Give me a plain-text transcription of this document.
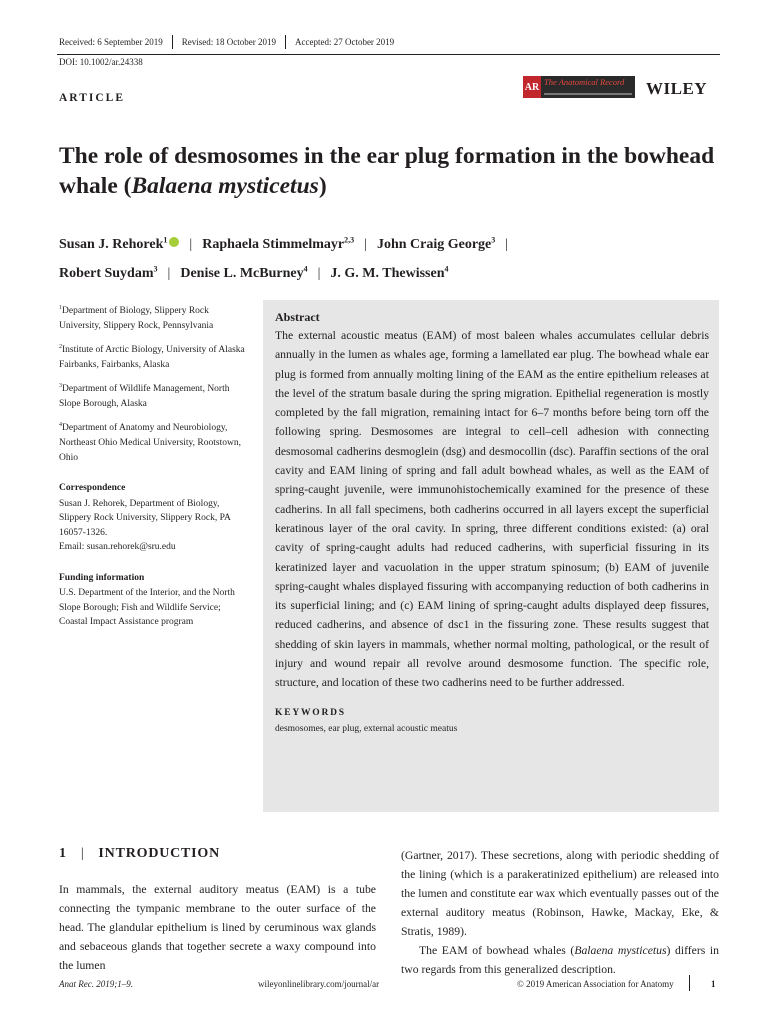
Received: 6 September 2019 Revised: 18 October 2019 Accepted: 27 October 2019
DOI: 10.1002/ar.24338
ARTICLE
AR The Anatomical Record	WILEY
The role of desmosomes in the ear plug formation in the bowhead whale (Balaena mysticetus)
Susan J. Rehorek$^1$ | Raphaela Stimmelmayr$^{2,3}$ | John Craig George$^3$ |
Robert Suydam$^3$ | Denise L. McBurney$^4$ | J. G. M. Thewissen$^4$

$^1$Department of Biology, Slippery Rock University, Slippery Rock, Pennsylvania

$^2$Institute of Arctic Biology, University of Alaska Fairbanks, Fairbanks, Alaska

$^3$Department of Wildlife Management, North Slope Borough, Alaska

$^4$Department of Anatomy and Neurobiology, Northeast Ohio Medical University, Rootstown, Ohio

Correspondence
Susan J. Rehorek, Department of Biology, Slippery Rock University, Slippery Rock, PA 16057-1326.
Email: susan.rehorek@sru.edu
Funding information
U.S. Department of the Interior, and the North Slope Borough; Fish and Wildlife Service; Coastal Impact Assistance program
Abstract
The external acoustic meatus (EAM) of most baleen whales accumulates cellular debris annually in the lumen as whales age, forming a lamellated ear plug. The bowhead whale ear plug is formed from annually molting lining of the EAM as the entire epithelium releases at the level of the stratum basale during the spring migration. Epithelial regeneration is mostly completed by the fall migration, remaining intact for 6–7 months before being torn off the following spring. Desmosomes are integral to cell–cell adhesion with connecting desmosomal cadherins desmoglein (dsg) and desmocollin (dsc). Paraffin sections of the oral cavity and EAM lining of spring and fall adult bowhead whales, as well as the EAM of spring-caught juvenile, were immunohistochemically examined for the presence of these cadherins. In all fall specimens, both cadherins occurred in all layers except the superficial keratinous layer of the oral cavity. In spring, three different conditions existed: (a) oral cavity of spring-caught adults had reduced cadherins, with superficial fissuring in its keratinized layer and vacuolation in the upper stratum spinosum; (b) EAM of juvenile spring-caught whales displayed fissuring with accompanying reduction of both cadherins in its superficial lining; and (c) EAM lining of spring-caught adults displayed deep fissures, reduced cadherins, and absence of dsc1 in the fissuring zone. These results suggest that shedding of skin layers in mammals, whether normal molting, pathological, or the result of injury and wound repair all revolve around desmosome function. The specific role, structure, and location of these two cadherins need to be further addressed.
KEYWORDS
desmosomes, ear plug, external acoustic meatus
1 | INTRODUCTION

In mammals, the external auditory meatus (EAM) is a tube connecting the tympanic membrane to the outer surface of the head. The glandular epithelium is lined by ceruminous wax glands and sebaceous glands that together secrete a waxy compound into the lumen

(Gartner, 2017). These secretions, along with periodic shedding of the lining (which is a parakeratinized epithelium) are released into the lumen and constitute ear wax which eventually passes out of the external auditory meatus (Robinson, Hawke, Mackay, Eke, & Stratis, 1989).

The EAM of bowhead whales (Balaena mysticetus) differs in two regards from this generalized description.

Anat Rec. 2019;1–9.	wileyonlinelibrary.com/journal/ar	© 2019 American Association for Anatomy	1
